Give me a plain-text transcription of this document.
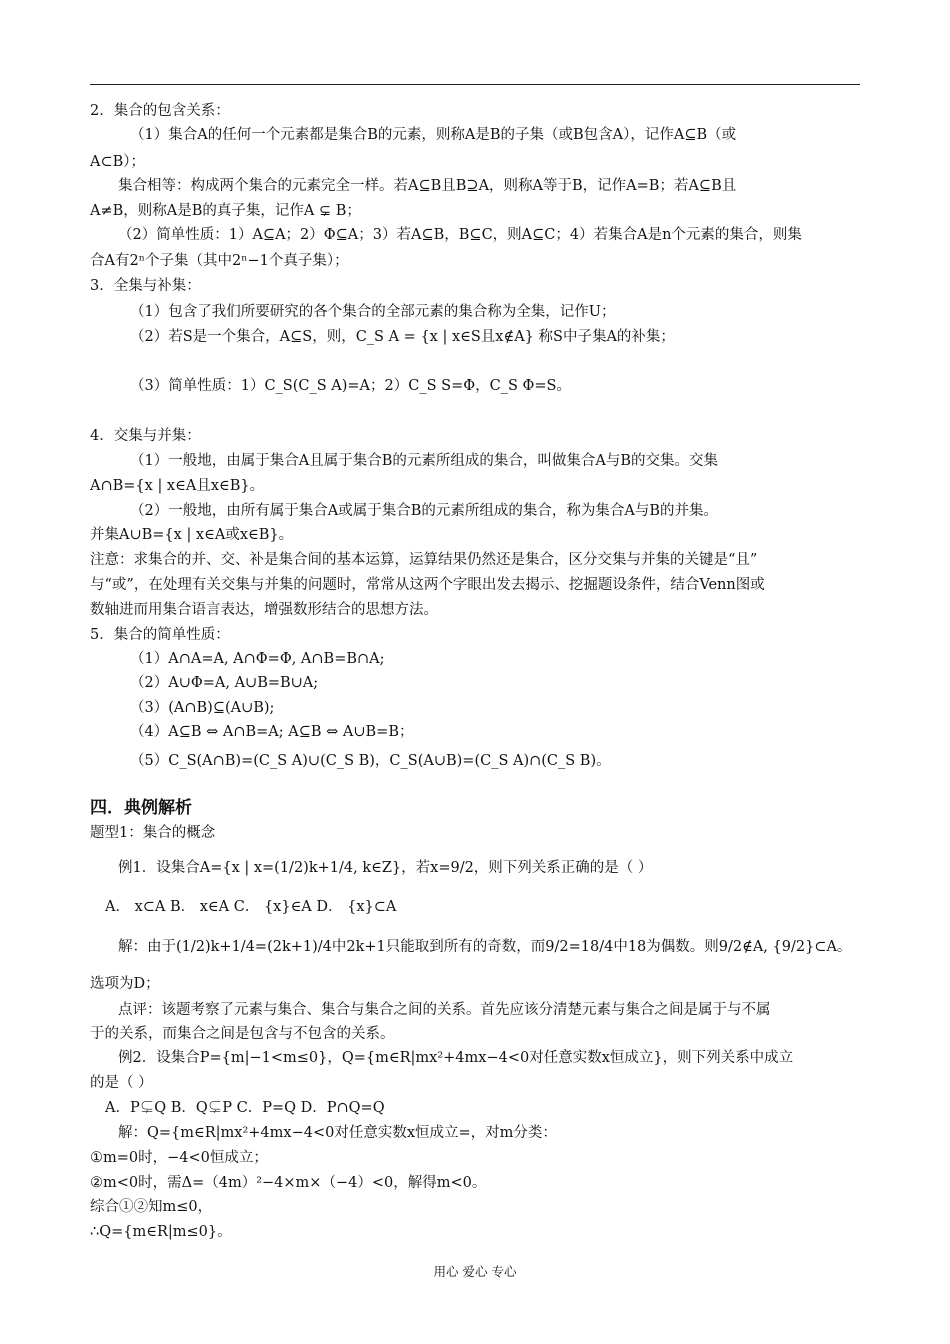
2．集合的包含关系：
（1）集合A的任何一个元素都是集合B的元素，则称A是B的子集（或B包含A），记作A⊆B（或
A⊂B）；
集合相等：构成两个集合的元素完全一样。若A⊆B且B⊇A，则称A等于B，记作A=B；若A⊆B且
A≠B，则称A是B的真子集，记作A ⊊ B；
（2）简单性质：1）A⊆A；2）Φ⊆A；3）若A⊆B，B⊆C，则A⊆C；4）若集合A是n个元素的集合，则集
合A有2ⁿ个子集（其中2ⁿ−1个真子集）；
3．全集与补集：
（1）包含了我们所要研究的各个集合的全部元素的集合称为全集，记作U；
（2）若S是一个集合，A⊆S，则，C_S A = {x | x∈S且x∉A} 称S中子集A的补集；
（3）简单性质：1）C_S(C_S A)=A；2）C_S S=Φ，C_S Φ=S。
4．交集与并集：
（1）一般地，由属于集合A且属于集合B的元素所组成的集合，叫做集合A与B的交集。交集
A∩B={x | x∈A且x∈B}。
（2）一般地，由所有属于集合A或属于集合B的元素所组成的集合，称为集合A与B的并集。
并集A∪B={x | x∈A或x∈B}。
注意：求集合的并、交、补是集合间的基本运算，运算结果仍然还是集合，区分交集与并集的关键是“且”
与“或”，在处理有关交集与并集的问题时，常常从这两个字眼出发去揭示、挖掘题设条件，结合Venn图或
数轴进而用集合语言表达，增强数形结合的思想方法。
5．集合的简单性质：
（1）A∩A=A, A∩Φ=Φ, A∩B=B∩A;
（2）A∪Φ=A, A∪B=B∪A;
（3）(A∩B)⊆(A∪B);
（4）A⊆B ⇔ A∩B=A; A⊆B ⇔ A∪B=B；
（5）C_S(A∩B)=(C_S A)∪(C_S B)，C_S(A∪B)=(C_S A)∩(C_S B)。
四．典例解析
题型1：集合的概念
例1．设集合A={x | x=(1/2)k+1/4, k∈Z}，若x=9/2，则下列关系正确的是（ ）
A． x⊂A B． x∈A C． {x}∈A D． {x}⊂A
解：由于(1/2)k+1/4=(2k+1)/4中2k+1只能取到所有的奇数，而9/2=18/4中18为偶数。则9/2∉A, {9/2}⊂A。
选项为D；
点评：该题考察了元素与集合、集合与集合之间的关系。首先应该分清楚元素与集合之间是属于与不属
于的关系，而集合之间是包含与不包含的关系。
例2．设集合P={m|−1<m≤0}，Q={m∈R|mx²+4mx−4<0对任意实数x恒成立}，则下列关系中成立
的是（ ）
A．P⊊Q B．Q⊊P C．P=Q D．P∩Q=Q
解：Q={m∈R|mx²+4mx−4<0对任意实数x恒成立=，对m分类：
①m=0时，−4<0恒成立；
②m<0时，需Δ=（4m）²−4×m×（−4）<0，解得m<0。
综合①②知m≤0，
∴Q={m∈R|m≤0}。
用心 爱心 专心
